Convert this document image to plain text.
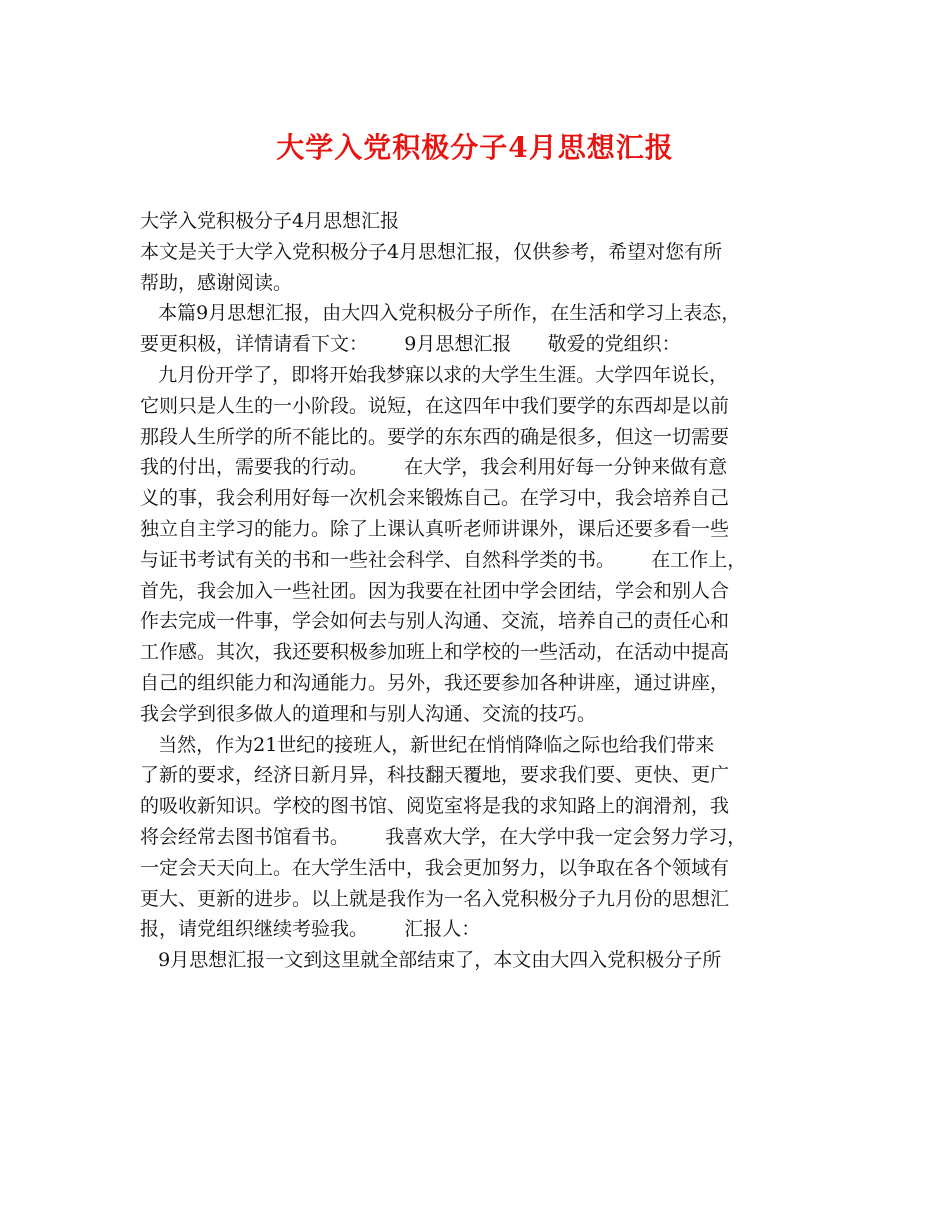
大学入党积极分子4月思想汇报
大学入党积极分子4月思想汇报
本文是关于大学入党积极分子4月思想汇报，仅供参考，希望对您有所
帮助，感谢阅读。
本篇9月思想汇报，由大四入党积极分子所作，在生活和学习上表态，
要更积极，详情请看下文：      9月思想汇报      敬爱的党组织：
九月份开学了，即将开始我梦寐以求的大学生生涯。大学四年说长，
它则只是人生的一小阶段。说短，在这四年中我们要学的东西却是以前
那段人生所学的所不能比的。要学的东东西的确是很多，但这一切需要
我的付出，需要我的行动。      在大学，我会利用好每一分钟来做有意
义的事，我会利用好每一次机会来锻炼自己。在学习中，我会培养自己
独立自主学习的能力。除了上课认真听老师讲课外，课后还要多看一些
与证书考试有关的书和一些社会科学、自然科学类的书。      在工作上，
首先，我会加入一些社团。因为我要在社团中学会团结，学会和别人合
作去完成一件事，学会如何去与别人沟通、交流，培养自己的责任心和
工作感。其次，我还要积极参加班上和学校的一些活动，在活动中提高
自己的组织能力和沟通能力。另外，我还要参加各种讲座，通过讲座，
我会学到很多做人的道理和与别人沟通、交流的技巧。
当然，作为21世纪的接班人，新世纪在悄悄降临之际也给我们带来
了新的要求，经济日新月异，科技翻天覆地，要求我们要、更快、更广
的吸收新知识。学校的图书馆、阅览室将是我的求知路上的润滑剂，我
将会经常去图书馆看书。      我喜欢大学，在大学中我一定会努力学习，
一定会天天向上。在大学生活中，我会更加努力，以争取在各个领域有
更大、更新的进步。以上就是我作为一名入党积极分子九月份的思想汇
报，请党组织继续考验我。      汇报人：
9月思想汇报一文到这里就全部结束了，本文由大四入党积极分子所
